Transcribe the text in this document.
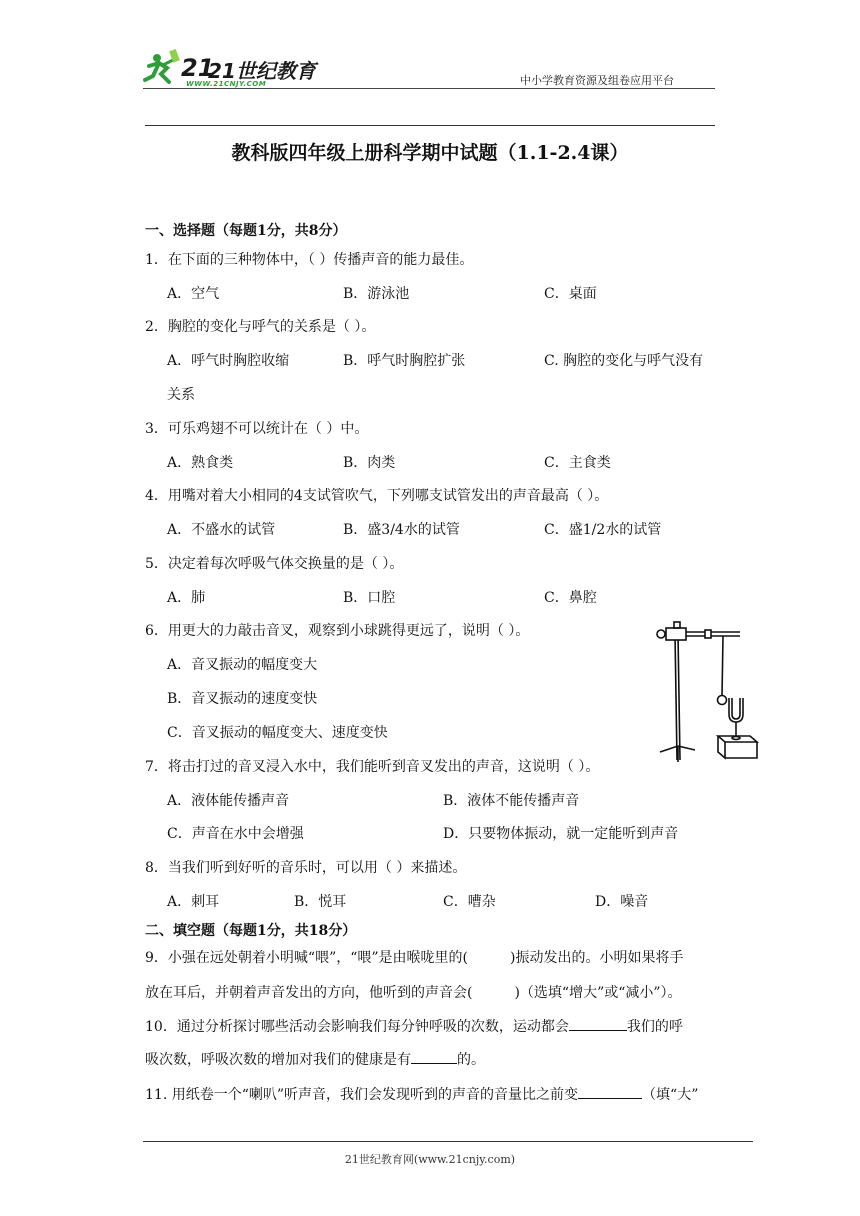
21
21世纪教育
WWW.21CNJY.COM	中小学教育资源及组卷应用平台
教科版四年级上册科学期中试题（1.1-2.4课）
一、选择题（每题1分，共8分）
1．在下面的三种物体中，（ ）传播声音的能力最佳。
A．空气	B．游泳池	C．桌面
2．胸腔的变化与呼气的关系是（ ）。
A．呼气时胸腔收缩	B．呼气时胸腔扩张	C. 胸腔的变化与呼气没有
关系
3．可乐鸡翅不可以统计在（ ）中。
A．熟食类	B．肉类	C．主食类
4．用嘴对着大小相同的4支试管吹气，下列哪支试管发出的声音最高（ ）。
A．不盛水的试管	B．盛3/4水的试管	C．盛1/2水的试管
5．决定着每次呼吸气体交换量的是（ ）。
A．肺	B．口腔	C．鼻腔
6．用更大的力敲击音叉，观察到小球跳得更远了，说明（ ）。
A．音叉振动的幅度变大
B．音叉振动的速度变快
C．音叉振动的幅度变大、速度变快
7．将击打过的音叉浸入水中，我们能听到音叉发出的声音，这说明（ ）。
A．液体能传播声音	B．液体不能传播声音
C．声音在水中会增强	D．只要物体振动，就一定能听到声音
8．当我们听到好听的音乐时，可以用（ ）来描述。
A．刺耳	B．悦耳	C．嘈杂	D．噪音
二、填空题（每题1分，共18分）
9．小强在远处朝着小明喊“喂”，“喂”是由喉咙里的(	)振动发出的。小明如果将手
放在耳后，并朝着声音发出的方向，他听到的声音会(	)（选填“增大”或“减小”）。
10．通过分析探讨哪些活动会影响我们每分钟呼吸的次数，运动都会	我们的呼
吸次数，呼吸次数的增加对我们的健康是有	的。
11. 用纸卷一个“喇叭”听声音，我们会发现听到的声音的音量比之前变	（填“大”
21世纪教育网(www.21cnjy.com)
